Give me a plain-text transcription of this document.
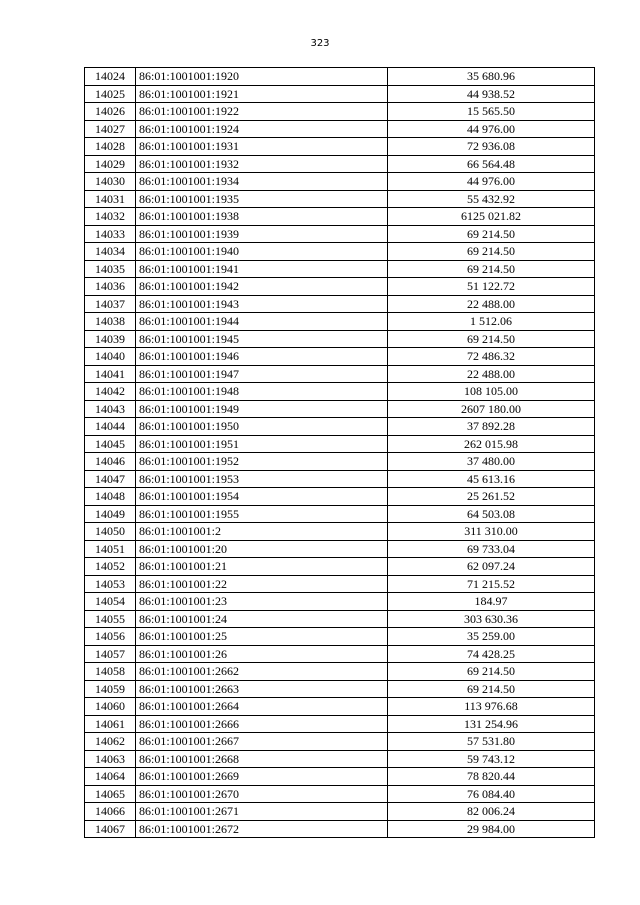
323
14024	86:01:1001001:1920	35 680.96
14025	86:01:1001001:1921	44 938.52
14026	86:01:1001001:1922	15 565.50
14027	86:01:1001001:1924	44 976.00
14028	86:01:1001001:1931	72 936.08
14029	86:01:1001001:1932	66 564.48
14030	86:01:1001001:1934	44 976.00
14031	86:01:1001001:1935	55 432.92
14032	86:01:1001001:1938	6125 021.82
14033	86:01:1001001:1939	69 214.50
14034	86:01:1001001:1940	69 214.50
14035	86:01:1001001:1941	69 214.50
14036	86:01:1001001:1942	51 122.72
14037	86:01:1001001:1943	22 488.00
14038	86:01:1001001:1944	1 512.06
14039	86:01:1001001:1945	69 214.50
14040	86:01:1001001:1946	72 486.32
14041	86:01:1001001:1947	22 488.00
14042	86:01:1001001:1948	108 105.00
14043	86:01:1001001:1949	2607 180.00
14044	86:01:1001001:1950	37 892.28
14045	86:01:1001001:1951	262 015.98
14046	86:01:1001001:1952	37 480.00
14047	86:01:1001001:1953	45 613.16
14048	86:01:1001001:1954	25 261.52
14049	86:01:1001001:1955	64 503.08
14050	86:01:1001001:2	311 310.00
14051	86:01:1001001:20	69 733.04
14052	86:01:1001001:21	62 097.24
14053	86:01:1001001:22	71 215.52
14054	86:01:1001001:23	184.97
14055	86:01:1001001:24	303 630.36
14056	86:01:1001001:25	35 259.00
14057	86:01:1001001:26	74 428.25
14058	86:01:1001001:2662	69 214.50
14059	86:01:1001001:2663	69 214.50
14060	86:01:1001001:2664	113 976.68
14061	86:01:1001001:2666	131 254.96
14062	86:01:1001001:2667	57 531.80
14063	86:01:1001001:2668	59 743.12
14064	86:01:1001001:2669	78 820.44
14065	86:01:1001001:2670	76 084.40
14066	86:01:1001001:2671	82 006.24
14067	86:01:1001001:2672	29 984.00
